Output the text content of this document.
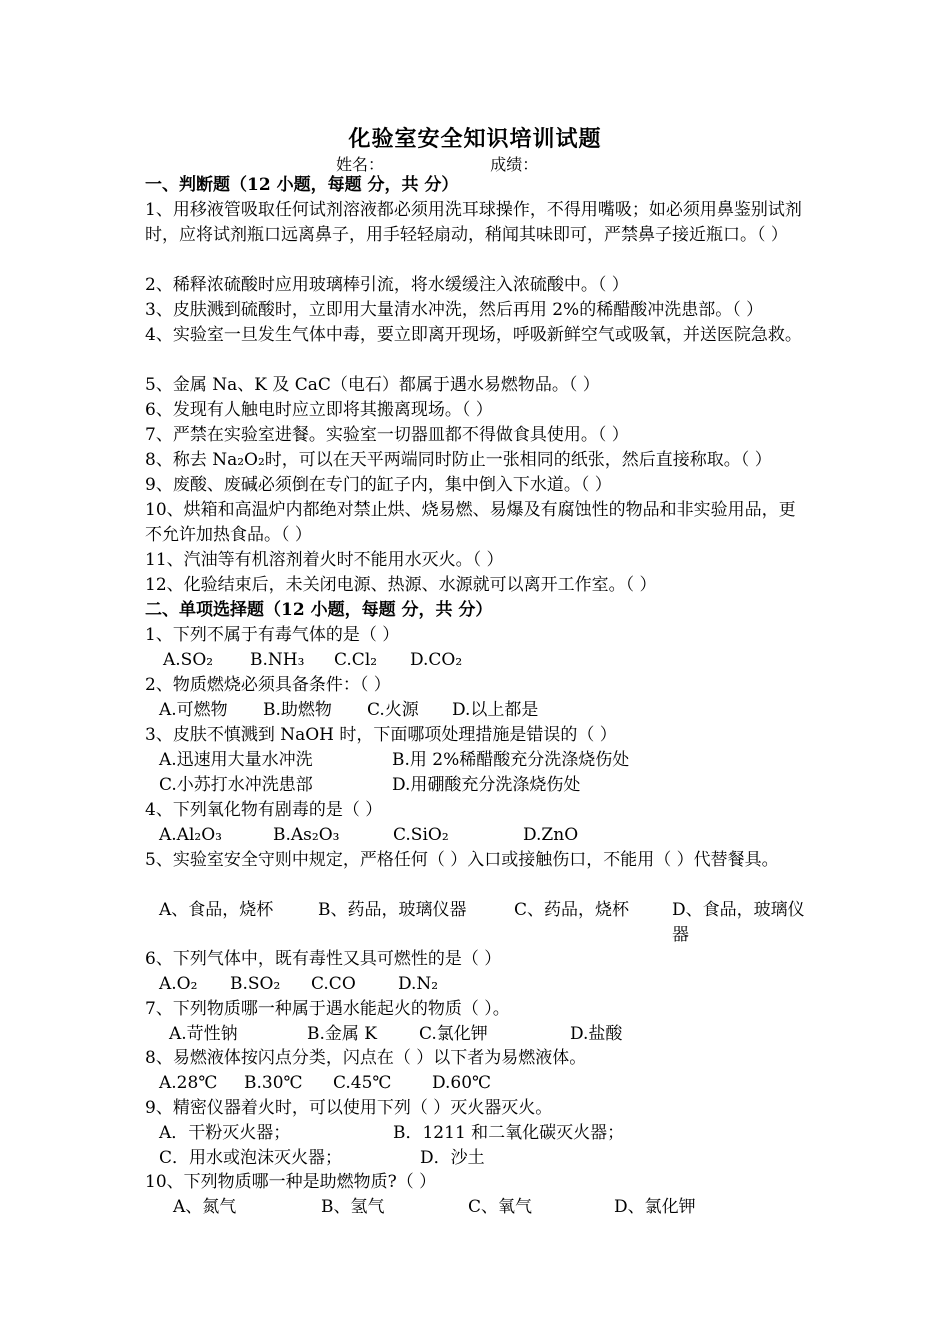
化验室安全知识培训试题
姓名：	成绩：
一、判断题（12 小题，每题 分，共 分）
1、用移液管吸取任何试剂溶液都必须用洗耳球操作，不得用嘴吸；如必须用鼻鉴别试剂时，应将试剂瓶口远离鼻子，用手轻轻扇动，稍闻其味即可，严禁鼻子接近瓶口。（ ）
2、稀释浓硫酸时应用玻璃棒引流，将水缓缓注入浓硫酸中。（ ）
3、皮肤溅到硫酸时，立即用大量清水冲洗，然后再用 2%的稀醋酸冲洗患部。（ ）
4、实验室一旦发生气体中毒，要立即离开现场，呼吸新鲜空气或吸氧，并送医院急救。
5、金属 Na、K 及 CaC（电石）都属于遇水易燃物品。（ ）
6、发现有人触电时应立即将其搬离现场。（ ）
7、严禁在实验室进餐。实验室一切器皿都不得做食具使用。（ ）
8、称去 Na₂O₂时，可以在天平两端同时防止一张相同的纸张，然后直接称取。（ ）
9、废酸、废碱必须倒在专门的缸子内，集中倒入下水道。（ ）
10、烘箱和高温炉内都绝对禁止烘、烧易燃、易爆及有腐蚀性的物品和非实验用品，更不允许加热食品。（ ）
11、汽油等有机溶剂着火时不能用水灭火。（ ）
12、化验结束后，未关闭电源、热源、水源就可以离开工作室。（ ）
二、单项选择题（12 小题，每题 分，共 分）
1、下列不属于有毒气体的是（ ）
A.SO₂ B.NH₃ C.Cl₂ D.CO₂
2、物质燃烧必须具备条件：（ ）
A.可燃物 B.助燃物 C.火源 D.以上都是
3、皮肤不慎溅到 NaOH 时，下面哪项处理措施是错误的（ ）
A.迅速用大量水冲洗	B.用 2%稀醋酸充分洗涤烧伤处
C.小苏打水冲洗患部	D.用硼酸充分洗涤烧伤处
4、下列氧化物有剧毒的是（ ）
A.Al₂O₃	B.As₂O₃	C.SiO₂	D.ZnO
5、实验室安全守则中规定，严格任何（ ）入口或接触伤口，不能用（ ）代替餐具。
A、食品，烧杯	B、药品，玻璃仪器	C、药品，烧杯	D、食品，玻璃仪器
6、下列气体中，既有毒性又具可燃性的是（ ）
A.O₂ B.SO₂ C.CO D.N₂
7、下列物质哪一种属于遇水能起火的物质（ ）。
A.苛性钠	B.金属 K C.氯化钾	D.盐酸
8、易燃液体按闪点分类，闪点在（ ）以下者为易燃液体。
A.28℃ B.30℃ C.45℃ D.60℃
9、精密仪器着火时，可以使用下列（ ）灭火器灭火。
A．干粉灭火器；	B．1211 和二氧化碳灭火器；
C．用水或泡沫灭火器；	D．沙土
10、下列物质哪一种是助燃物质?（ ）
A、氮气	B、氢气	C、氧气	D、氯化钾
